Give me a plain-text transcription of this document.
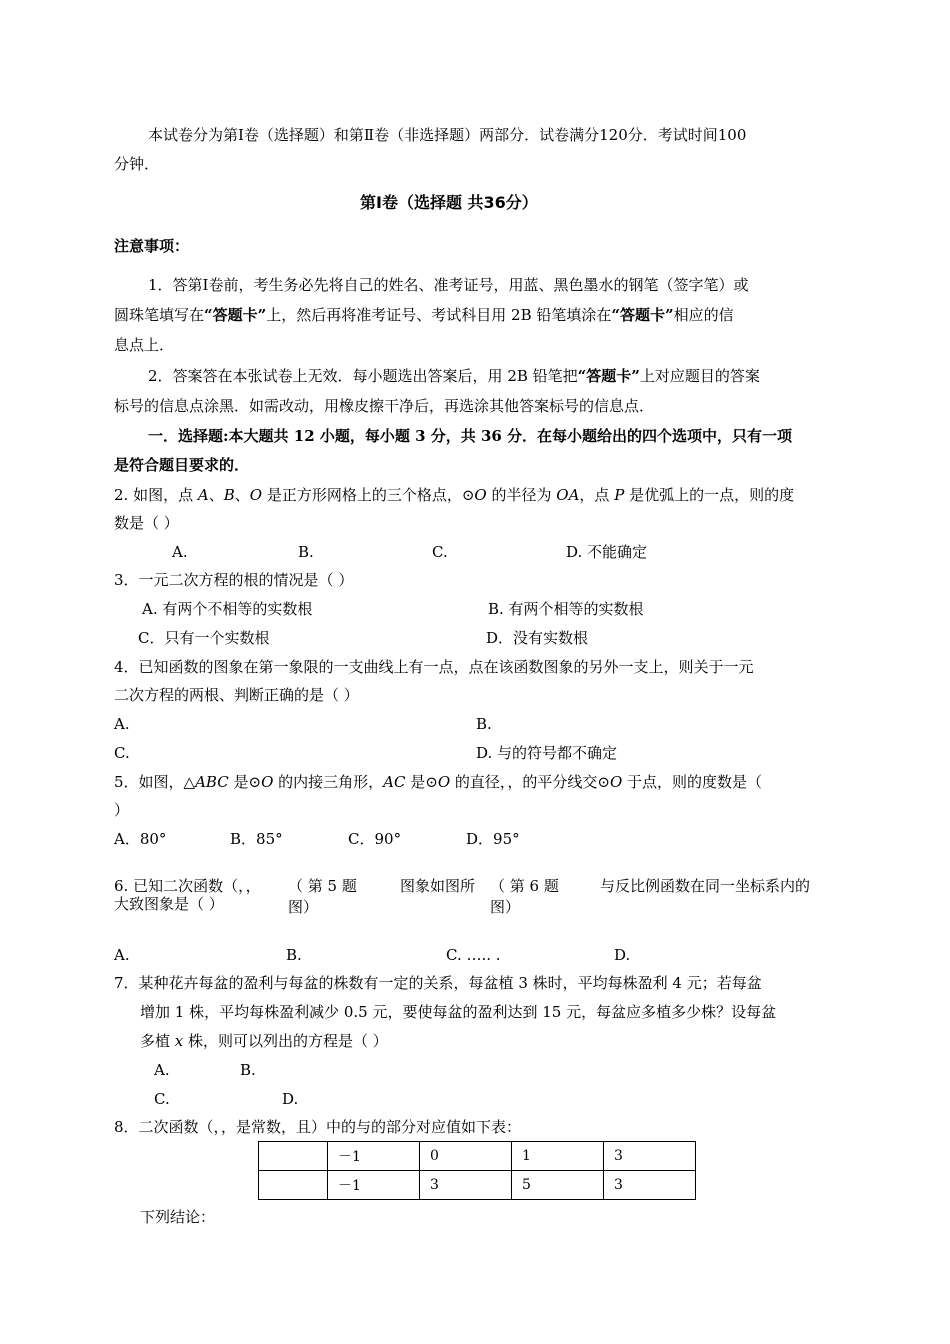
本试卷分为第Ⅰ卷（选择题）和第Ⅱ卷（非选择题）两部分．试卷满分120分．考试时间100
分钟．
第Ⅰ卷（选择题 共36分）
注意事项：
1．答第Ⅰ卷前，考生务必先将自己的姓名、准考证号，用蓝、黑色墨水的钢笔（签字笔）或
圆珠笔填写在“答题卡”上，然后再将准考证号、考试科目用 2B 铅笔填涂在“答题卡”相应的信
息点上．
2．答案答在本张试卷上无效．每小题选出答案后，用 2B 铅笔把“答题卡”上对应题目的答案
标号的信息点涂黑．如需改动，用橡皮擦干净后，再选涂其他答案标号的信息点．
一．选择题:本大题共 12 小题，每小题 3 分，共 36 分．在每小题给出的四个选项中，只有一项
是符合题目要求的．
2. 如图，点 A、B、O 是正方形网格上的三个格点，⊙O 的半径为 OA，点 P 是优弧上的一点，则的度
数是（ ）
A.	B.	C.	D. 不能确定
3．一元二次方程的根的情况是（ ）
A. 有两个不相等的实数根	B. 有两个相等的实数根
C．只有一个实数根	D．没有实数根
4．已知函数的图象在第一象限的一支曲线上有一点，点在该函数图象的另外一支上，则关于一元
二次方程的两根、判断正确的是（ ）
A.	B.
C.	D. 与的符号都不确定
5．如图，△ABC 是⊙O 的内接三角形，AC 是⊙O 的直径，，的平分线交⊙O 于点，则的度数是（
）
A．80°	B．85°	C．90°	D．95°
6. 已知二次函数（，，
大致图象是（ ）
（ 第 5 题
图）
图象如图所 （ 第 6 题
图）
与反比例函数在同一坐标系内的
A.	B.	C. ….. .	D.
7．某种花卉每盆的盈利与每盆的株数有一定的关系，每盆植 3 株时，平均每株盈利 4 元；若每盆
增加 1 株，平均每株盈利减少 0.5 元，要使每盆的盈利达到 15 元，每盆应多植多少株？设每盆
多植 x 株，则可以列出的方程是（ ）
A.	B.
C.	D.
8．二次函数（，，是常数，且）中的与的部分对应值如下表：
	－1	0	1	3
	－1	3	5	3
下列结论：
